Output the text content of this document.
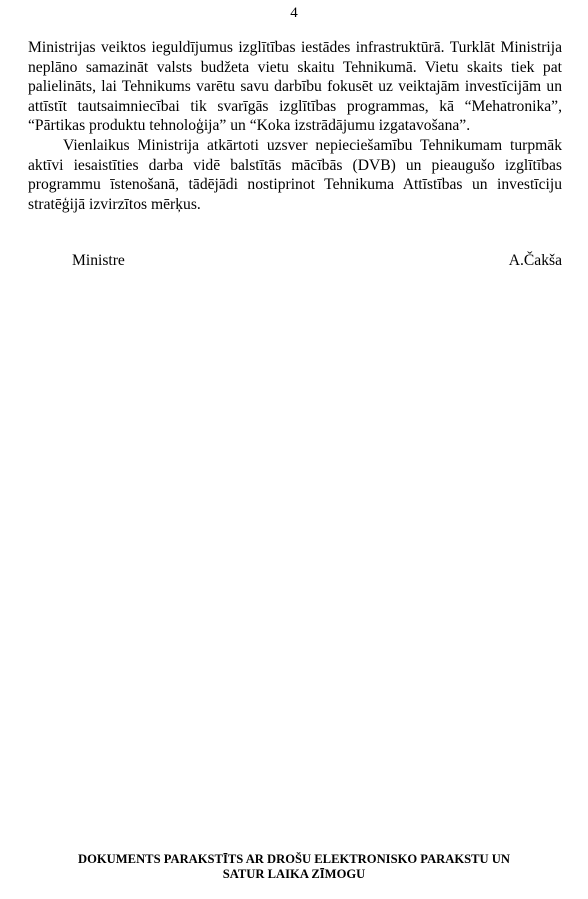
4

Ministrijas veiktos ieguldījumus izglītības iestādes infrastruktūrā. Turklāt Ministrija neplāno samazināt valsts budžeta vietu skaitu Tehnikumā. Vietu skaits tiek pat palielināts, lai Tehnikums varētu savu darbību fokusēt uz veiktajām investīcijām un attīstīt tautsaimniecībai tik svarīgās izglītības programmas, kā “Mehatronika”, “Pārtikas produktu tehnoloģija” un “Koka izstrādājumu izgatavošana”.

Vienlaikus Ministrija atkārtoti uzsver nepieciešamību Tehnikumam turpmāk aktīvi iesaistīties darba vidē balstītās mācībās (DVB) un pieaugušo izglītības programmu īstenošanā, tādējādi nostiprinot Tehnikuma Attīstības un investīciju stratēģijā izvirzītos mērķus.

Ministre	A.Čakša
DOKUMENTS PARAKSTĪTS AR DROŠU ELEKTRONISKO PARAKSTU UN
SATUR LAIKA ZĪMOGU
